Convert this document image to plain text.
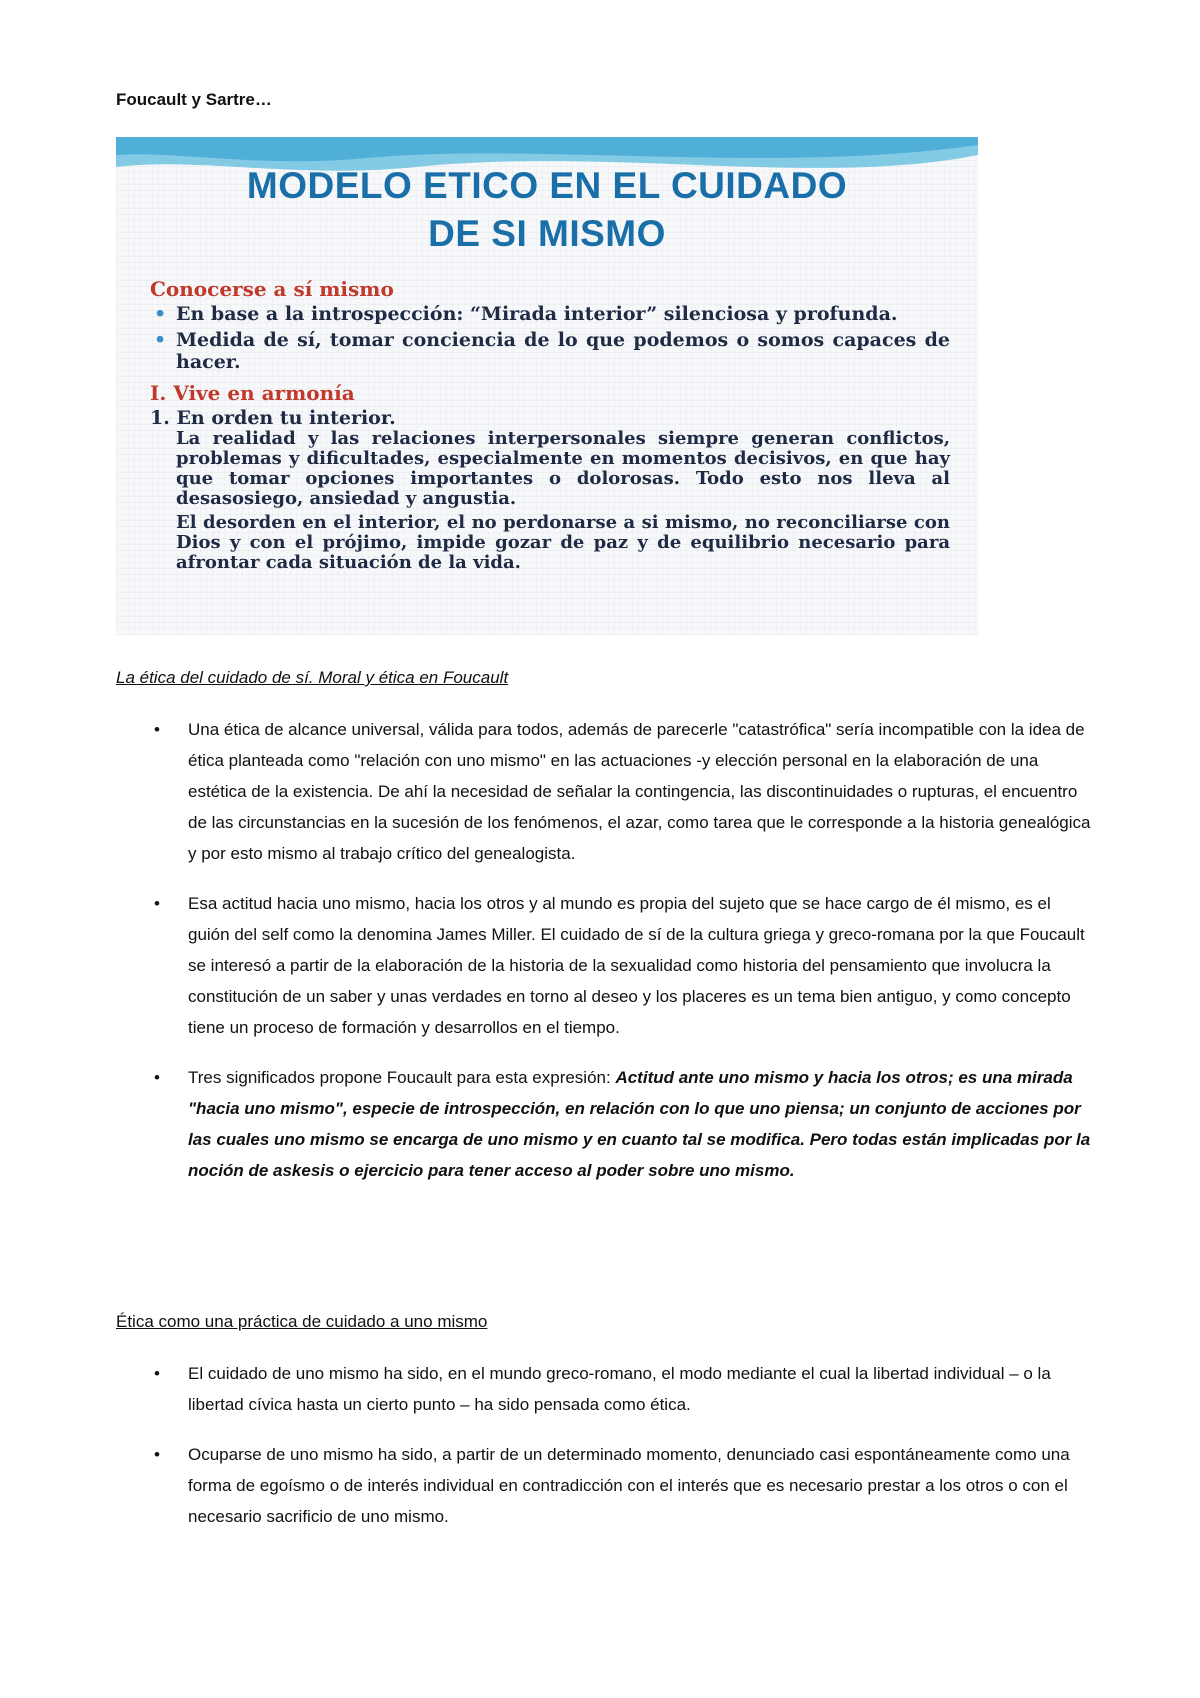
Foucault y Sartre…
MODELO ETICO EN EL CUIDADO
DE SI MISMO
Conocerse a sí mismo
• En base a la introspección: “Mirada interior” silenciosa y profunda.
• Medida de sí, tomar conciencia de lo que podemos o somos capaces de hacer.
I. Vive en armonía
1. En orden tu interior.
La realidad y las relaciones interpersonales siempre generan conflictos, problemas y dificultades, especialmente en momentos decisivos, en que hay que tomar opciones importantes o dolorosas. Todo esto nos lleva al desasosiego, ansiedad y angustia.
El desorden en el interior, el no perdonarse a si mismo, no reconciliarse con Dios y con el prójimo, impide gozar de paz y de equilibrio necesario para afrontar cada situación de la vida.
La ética del cuidado de sí. Moral y ética en Foucault
• Una ética de alcance universal, válida para todos, además de parecerle "catastrófica" sería incompatible con la idea de ética planteada como "relación con uno mismo" en las actuaciones -y elección personal en la elaboración de una estética de la existencia. De ahí la necesidad de señalar la contingencia, las discontinuidades o rupturas, el encuentro de las circunstancias en la sucesión de los fenómenos, el azar, como tarea que le corresponde a la historia genealógica y por esto mismo al trabajo crítico del genealogista.
• Esa actitud hacia uno mismo, hacia los otros y al mundo es propia del sujeto que se hace cargo de él mismo, es el guión del self como la denomina James Miller. El cuidado de sí de la cultura griega y greco-romana por la que Foucault se interesó a partir de la elaboración de la historia de la sexualidad como historia del pensamiento que involucra la constitución de un saber y unas verdades en torno al deseo y los placeres es un tema bien antiguo, y como concepto tiene un proceso de formación y desarrollos en el tiempo.
• Tres significados propone Foucault para esta expresión: Actitud ante uno mismo y hacia los otros; es una mirada "hacia uno mismo", especie de introspección, en relación con lo que uno piensa; un conjunto de acciones por las cuales uno mismo se encarga de uno mismo y en cuanto tal se modifica. Pero todas están implicadas por la noción de askesis o ejercicio para tener acceso al poder sobre uno mismo.
Ética como una práctica de cuidado a uno mismo
• El cuidado de uno mismo ha sido, en el mundo greco-romano, el modo mediante el cual la libertad individual – o la libertad cívica hasta un cierto punto – ha sido pensada como ética.
• Ocuparse de uno mismo ha sido, a partir de un determinado momento, denunciado casi espontáneamente como una forma de egoísmo o de interés individual en contradicción con el interés que es necesario prestar a los otros o con el necesario sacrificio de uno mismo.
